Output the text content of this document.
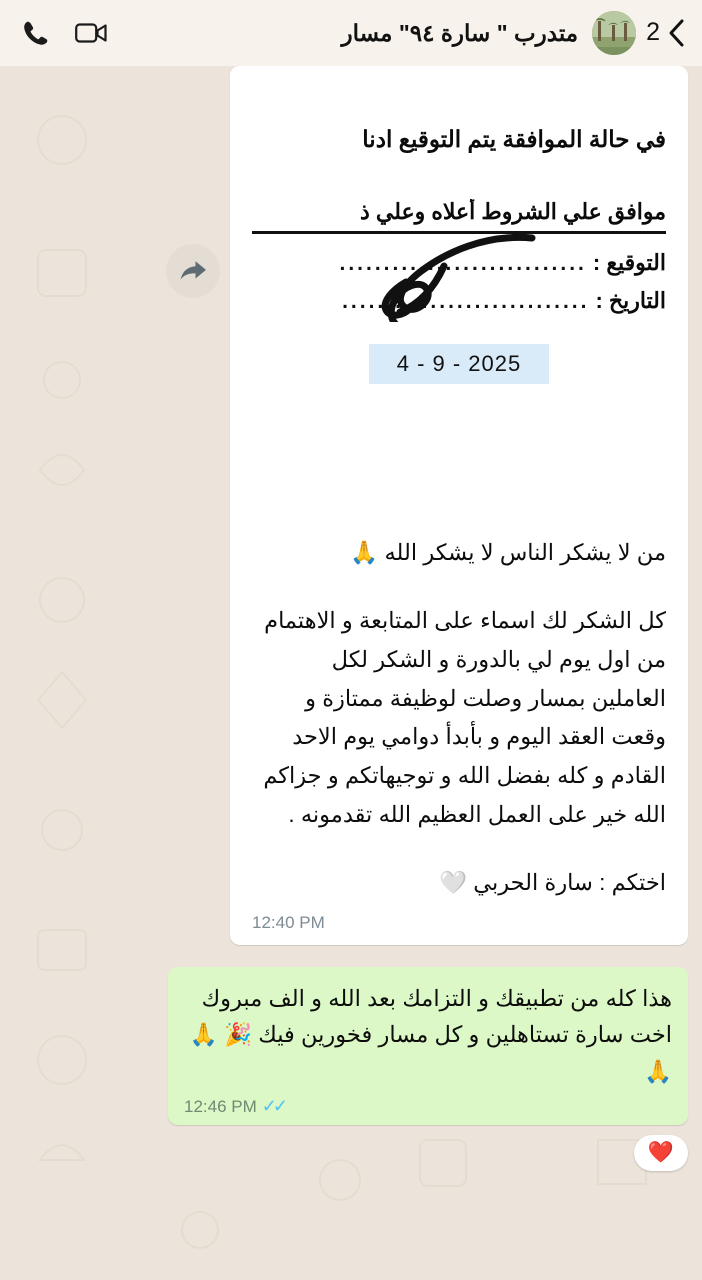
2
متدرب " سارة ٩٤" مسار
في حالة الموافقة يتم التوقيع ادنا
موافق علي الشروط أعلاه وعلي ذ
التوقيع :
............................
التاريخ :
............................
4 - 9 - 2025

من لا يشكر الناس لا يشكر الله 🙏

كل الشكر لك اسماء على المتابعة و الاهتمام من اول يوم لي بالدورة و الشكر لكل العاملين بمسار وصلت لوظيفة ممتازة و وقعت العقد اليوم و بأبدأ دوامي يوم الاحد القادم و كله بفضل الله و توجيهاتكم و جزاكم الله خير على العمل العظيم الله تقدمونه .

اختكم : سارة الحربي 🤍

12:40 PM
هذا كله من تطبيقك و التزامك بعد الله و الف مبروك اخت سارة تستاهلين و كل مسار فخورين فيك 🎉 🙏🙏
12:46 PM ✓✓
❤️
